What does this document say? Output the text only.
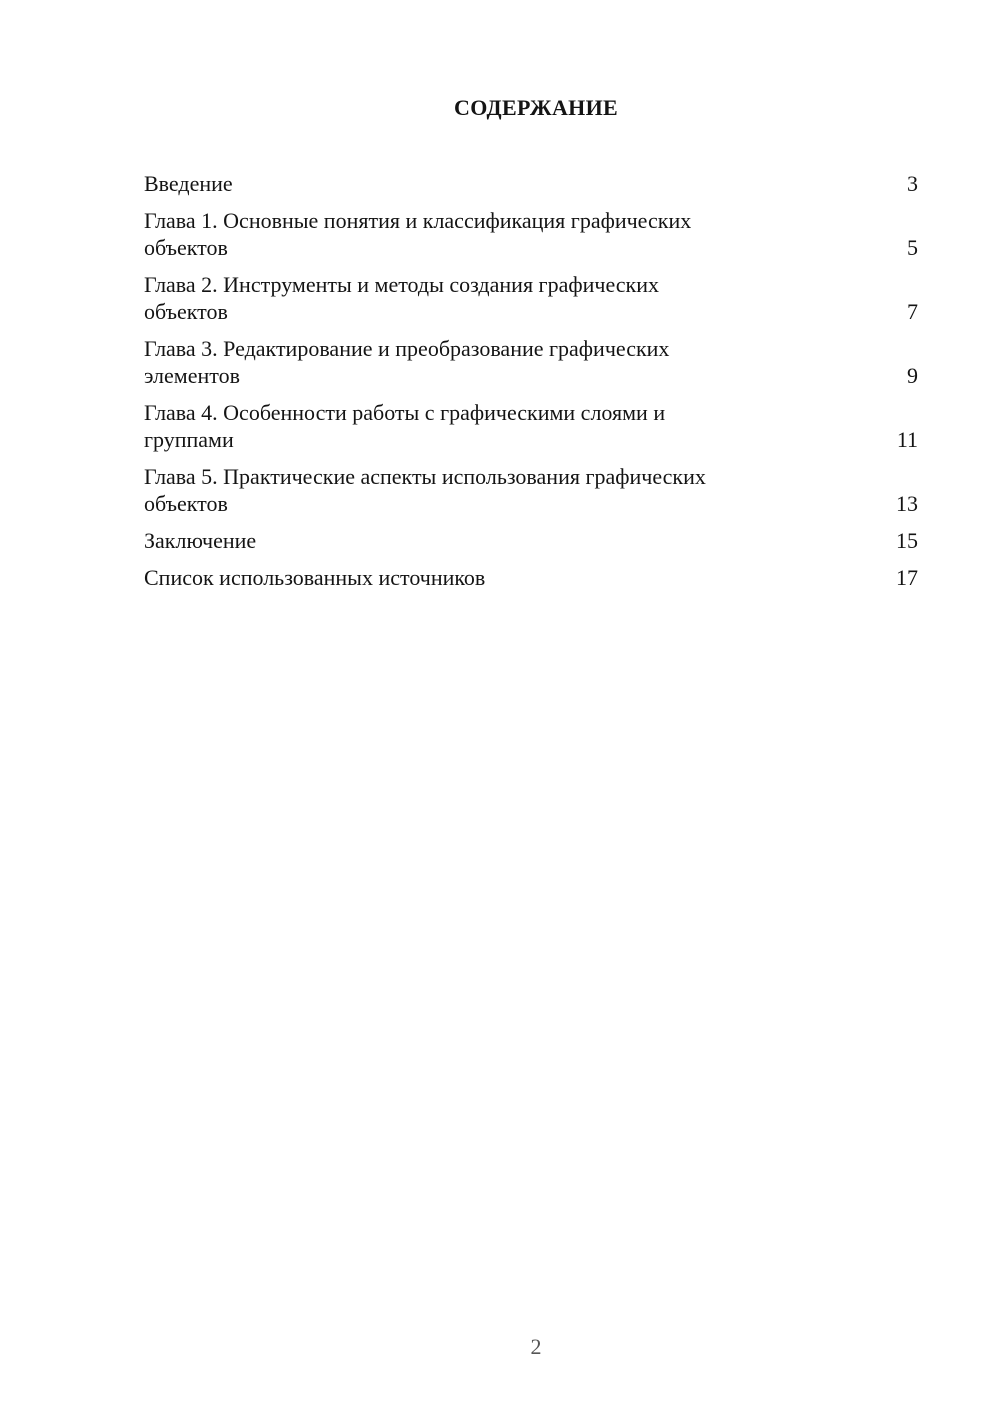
СОДЕРЖАНИЕ
Введение	3
Глава 1. Основные понятия и классификация графических
объектов	5
Глава 2. Инструменты и методы создания графических
объектов	7
Глава 3. Редактирование и преобразование графических
элементов	9
Глава 4. Особенности работы с графическими слоями и
группами	11
Глава 5. Практические аспекты использования графических
объектов	13
Заключение	15
Список использованных источников	17
2
